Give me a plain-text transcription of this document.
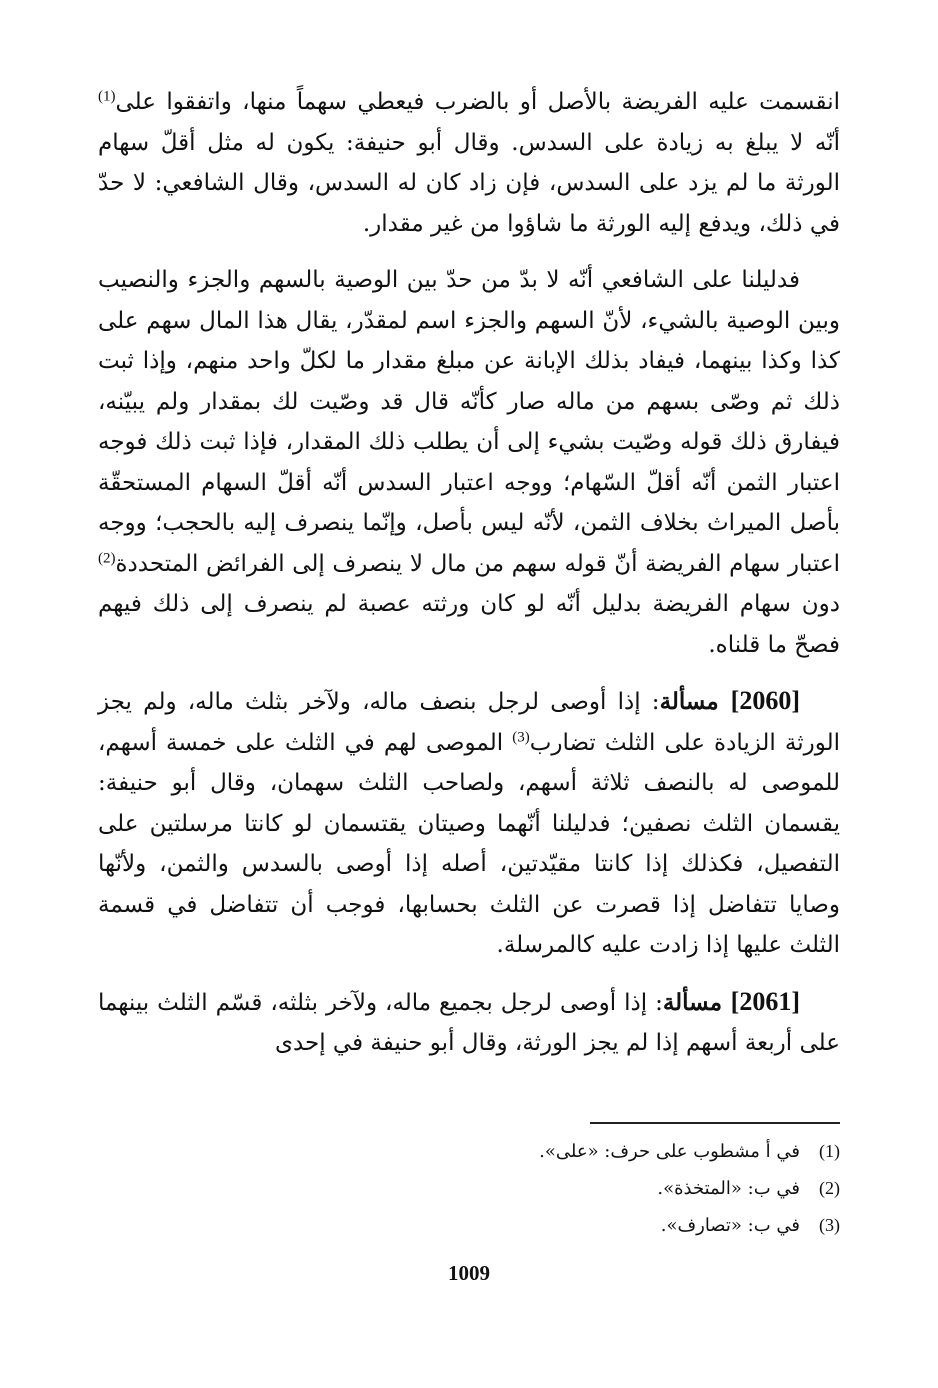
انقسمت عليه الفريضة بالأصل أو بالضرب فيعطي سهماً منها، واتفقوا على$^{(1)}$ أنّه لا يبلغ به زيادة على السدس. وقال أبو حنيفة: يكون له مثل أقلّ سهام الورثة ما لم يزد على السدس، فإن زاد كان له السدس، وقال الشافعي: لا حدّ في ذلك، ويدفع إليه الورثة ما شاؤوا من غير مقدار.

فدليلنا على الشافعي أنّه لا بدّ من حدّ بين الوصية بالسهم والجزء والنصيب وبين الوصية بالشيء، لأنّ السهم والجزء اسم لمقدّر، يقال هذا المال سهم على كذا وكذا بينهما، فيفاد بذلك الإبانة عن مبلغ مقدار ما لكلّ واحد منهم، وإذا ثبت ذلك ثم وصّى بسهم من ماله صار كأنّه قال قد وصّيت لك بمقدار ولم يبيّنه، فيفارق ذلك قوله وصّيت بشيء إلى أن يطلب ذلك المقدار، فإذا ثبت ذلك فوجه اعتبار الثمن أنّه أقلّ السّهام؛ ووجه اعتبار السدس أنّه أقلّ السهام المستحقّة بأصل الميراث بخلاف الثمن، لأنّه ليس بأصل، وإنّما ينصرف إليه بالحجب؛ ووجه اعتبار سهام الفريضة أنّ قوله سهم من مال لا ينصرف إلى الفرائض المتحددة$^{(2)}$ دون سهام الفريضة بدليل أنّه لو كان ورثته عصبة لم ينصرف إلى ذلك فيهم فصحّ ما قلناه.

[2060] مسألة: إذا أوصى لرجل بنصف ماله، ولآخر بثلث ماله، ولم يجز الورثة الزيادة على الثلث تضارب$^{(3)}$ الموصى لهم في الثلث على خمسة أسهم، للموصى له بالنصف ثلاثة أسهم، ولصاحب الثلث سهمان، وقال أبو حنيفة: يقسمان الثلث نصفين؛ فدليلنا أنّهما وصيتان يقتسمان لو كانتا مرسلتين على التفصيل، فكذلك إذا كانتا مقيّدتين، أصله إذا أوصى بالسدس والثمن، ولأنّها وصايا تتفاضل إذا قصرت عن الثلث بحسابها، فوجب أن تتفاضل في قسمة الثلث عليها إذا زادت عليه كالمرسلة.

[2061] مسألة: إذا أوصى لرجل بجميع ماله، ولآخر بثلثه، قسّم الثلث بينهما على أربعة أسهم إذا لم يجز الورثة، وقال أبو حنيفة في إحدى

(1)في أ مشطوب على حرف: «على».
(2)في ب: «المتخذة».
(3)في ب: «تصارف».
1009
